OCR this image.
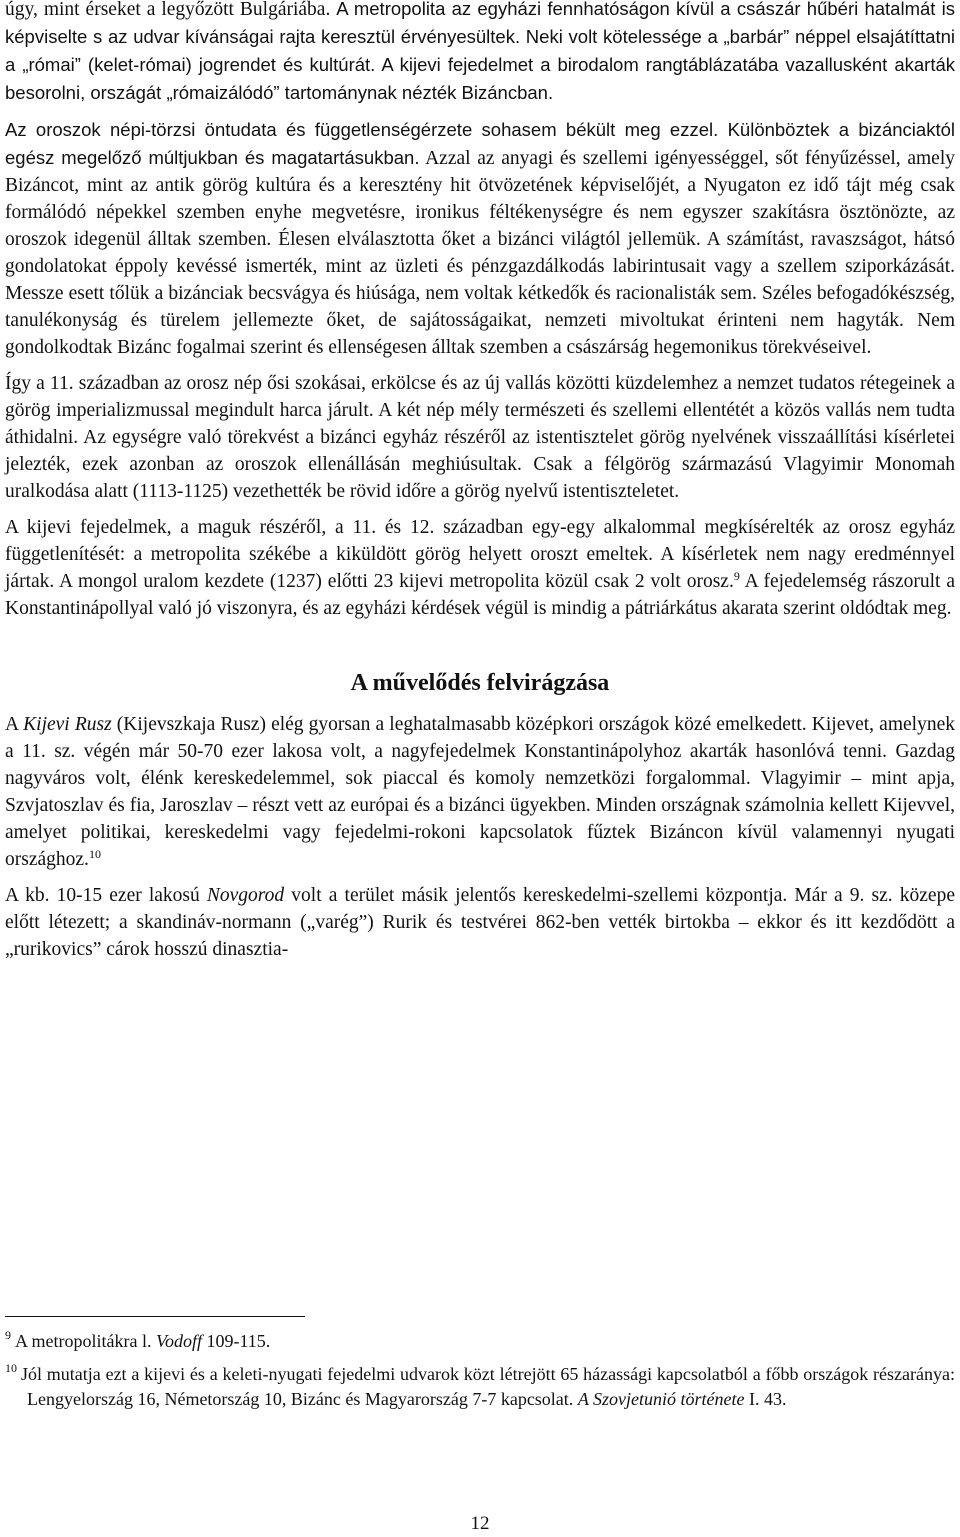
úgy, mint érseket a legyőzött Bulgáriába. A metropolita az egyházi fennhatóságon kívül a császár hűbéri hatalmát is képviselte s az udvar kívánságai rajta keresztül érvényesültek. Neki volt kötelessége a „barbár” néppel elsajátíttatni a „római” (kelet-római) jogrendet és kultúrát. A kijevi fejedelmet a birodalom rangtáblázatába vazallusként akarták besorolni, országát „rómaizálódó” tartománynak nézték Bizáncban.

Az oroszok népi-törzsi öntudata és függetlenségérzete sohasem békült meg ezzel. Különböztek a bizánciaktól egész megelőző múltjukban és magatartásukban. Azzal az anyagi és szellemi igényességgel, sőt fényűzéssel, amely Bizáncot, mint az antik görög kultúra és a keresztény hit ötvözetének képviselőjét, a Nyugaton ez idő tájt még csak formálódó népekkel szemben enyhe megvetésre, ironikus féltékenységre és nem egyszer szakításra ösztönözte, az oroszok idegenül álltak szemben. Élesen elválasztotta őket a bizánci világtól jellemük. A számítást, ravaszságot, hátsó gondolatokat éppoly kevéssé ismerték, mint az üzleti és pénzgazdálkodás labirintusait vagy a szellem sziporkázását. Messze esett tőlük a bizánciak becsvágya és hiúsága, nem voltak kétkedők és racionalisták sem. Széles befogadókészség, tanulékonyság és türelem jellemezte őket, de sajátosságaikat, nemzeti mivoltukat érinteni nem hagyták. Nem gondolkodtak Bizánc fogalmai szerint és ellenségesen álltak szemben a császárság hegemonikus törekvéseivel.

Így a 11. században az orosz nép ősi szokásai, erkölcse és az új vallás közötti küzdelemhez a nemzet tudatos rétegeinek a görög imperializmussal megindult harca járult. A két nép mély természeti és szellemi ellentétét a közös vallás nem tudta áthidalni. Az egységre való törekvést a bizánci egyház részéről az istentisztelet görög nyelvének visszaállítási kísérletei jelezték, ezek azonban az oroszok ellenállásán meghiúsultak. Csak a félgörög származású Vlagyimir Monomah uralkodása alatt (1113-1125) vezethették be rövid időre a görög nyelvű istentiszteletet.

A kijevi fejedelmek, a maguk részéről, a 11. és 12. században egy-egy alkalommal megkísérelték az orosz egyház függetlenítését: a metropolita székébe a kiküldött görög helyett oroszt emeltek. A kísérletek nem nagy eredménnyel jártak. A mongol uralom kezdete (1237) előtti 23 kijevi metropolita közül csak 2 volt orosz.$^9$ A fejedelemség rászorult a Konstantinápollyal való jó viszonyra, és az egyházi kérdések végül is mindig a pátriárkátus akarata szerint oldódtak meg.

A művelődés felvirágzása

A Kijevi Rusz (Kijevszkaja Rusz) elég gyorsan a leghatalmasabb középkori országok közé emelkedett. Kijevet, amelynek a 11. sz. végén már 50-70 ezer lakosa volt, a nagyfejedelmek Konstantinápolyhoz akarták hasonlóvá tenni. Gazdag nagyváros volt, élénk kereskedelemmel, sok piaccal és komoly nemzetközi forgalommal. Vlagyimir – mint apja, Szvjatoszlav és fia, Jaroszlav – részt vett az európai és a bizánci ügyekben. Minden országnak számolnia kellett Kijevvel, amelyet politikai, kereskedelmi vagy fejedelmi-rokoni kapcsolatok fűztek Bizáncon kívül valamennyi nyugati országhoz.$^{10}$

A kb. 10-15 ezer lakosú Novgorod volt a terület másik jelentős kereskedelmi-szellemi központja. Már a 9. sz. közepe előtt létezett; a skandináv-normann („varég”) Rurik és testvérei 862-ben vették birtokba – ekkor és itt kezdődött a „rurikovics” cárok hosszú dinasztia-

$^9$ A metropolitákra l. Vodoff 109-115.

$^{10}$ Jól mutatja ezt a kijevi és a keleti-nyugati fejedelmi udvarok közt létrejött 65 házassági kapcsolatból a főbb országok részaránya: Lengyelország 16, Németország 10, Bizánc és Magyarország 7-7 kapcsolat. A Szovjetunió története I. 43.

12
